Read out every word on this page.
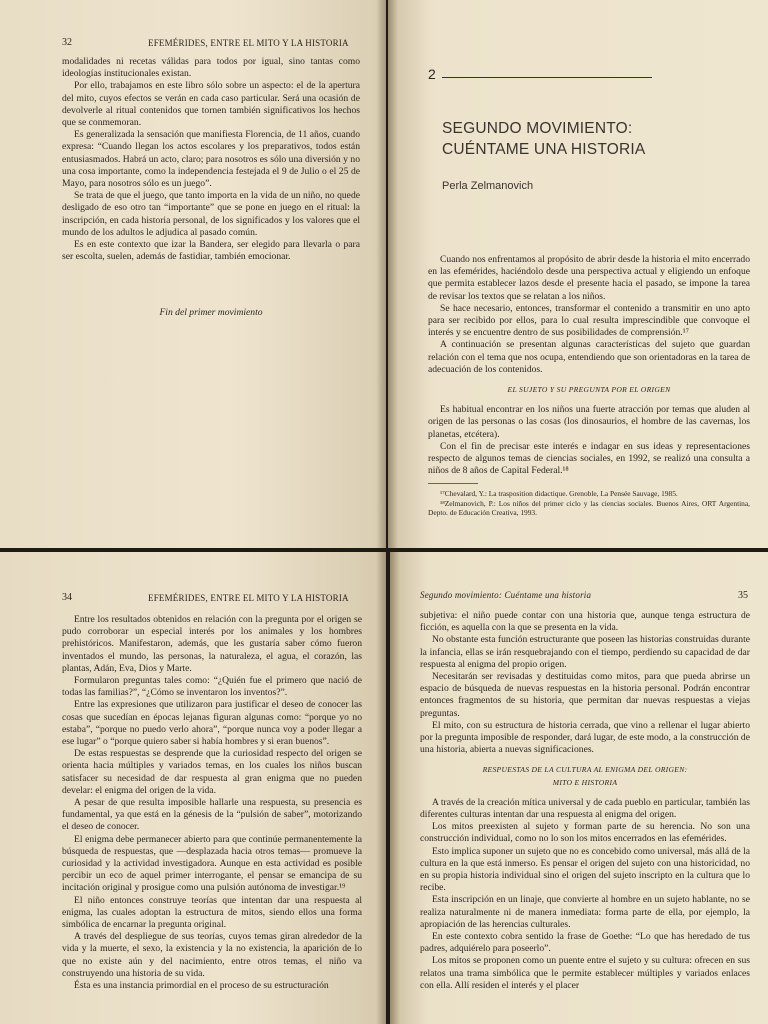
32	EFEMÉRIDES, ENTRE EL MITO Y LA HISTORIA

modalidades ni recetas válidas para todos por igual, sino tantas como ideologías institucionales existan.

Por ello, trabajamos en este libro sólo sobre un aspecto: el de la apertura del mito, cuyos efectos se verán en cada caso particular. Será una ocasión de devolverle al ritual contenidos que tornen también significativos los hechos que se conmemoran.

Es generalizada la sensación que manifiesta Florencia, de 11 años, cuando expresa: “Cuando llegan los actos escolares y los preparativos, todos están entusiasmados. Habrá un acto, claro; para nosotros es sólo una diversión y no una cosa importante, como la independencia festejada el 9 de Julio o el 25 de Mayo, para nosotros sólo es un juego”.

Se trata de que el juego, que tanto importa en la vida de un niño, no quede desligado de eso otro tan “importante” que se pone en juego en el ritual: la inscripción, en cada historia personal, de los significados y los valores que el mundo de los adultos le adjudica al pasado común.

Es en este contexto que izar la Bandera, ser elegido para llevarla o para ser escolta, suelen, además de fastidiar, también emocionar.

Fin del primer movimiento
2
SEGUNDO MOVIMIENTO:
CUÉNTAME UNA HISTORIA
Perla Zelmanovich

Cuando nos enfrentamos al propósito de abrir desde la historia el mito encerrado en las efemérides, haciéndolo desde una perspectiva actual y eligiendo un enfoque que permita establecer lazos desde el presente hacia el pasado, se impone la tarea de revisar los textos que se relatan a los niños.

Se hace necesario, entonces, transformar el contenido a transmitir en uno apto para ser recibido por ellos, para lo cual resulta imprescindible que convoque el interés y se encuentre dentro de sus posibilidades de comprensión.¹⁷

A continuación se presentan algunas características del sujeto que guardan relación con el tema que nos ocupa, entendiendo que son orientadoras en la tarea de adecuación de los contenidos.

EL SUJETO Y SU PREGUNTA POR EL ORIGEN

Es habitual encontrar en los niños una fuerte atracción por temas que aluden al origen de las personas o las cosas (los dinosaurios, el hombre de las cavernas, los planetas, etcétera).

Con el fin de precisar este interés e indagar en sus ideas y representaciones respecto de algunos temas de ciencias sociales, en 1992, se realizó una consulta a niños de 8 años de Capital Federal.¹⁸

¹⁷Chevalard, Y.: La trasposition didactique. Grenoble, La Pensée Sauvage, 1985.

¹⁸Zelmanovich, P.: Los niños del primer ciclo y las ciencias sociales. Buenos Aires, ORT Argentina, Depto. de Educación Creativa, 1993.

34	EFEMÉRIDES, ENTRE EL MITO Y LA HISTORIA

Entre los resultados obtenidos en relación con la pregunta por el origen se pudo corroborar un especial interés por los animales y los hombres prehistóricos. Manifestaron, además, que les gustaría saber cómo fueron inventados el mundo, las personas, la naturaleza, el agua, el corazón, las plantas, Adán, Eva, Dios y Marte.

Formularon preguntas tales como: “¿Quién fue el primero que nació de todas las familias?”, “¿Cómo se inventaron los inventos?”.

Entre las expresiones que utilizaron para justificar el deseo de conocer las cosas que sucedían en épocas lejanas figuran algunas como: “porque yo no estaba”, “porque no puedo verlo ahora”, “porque nunca voy a poder llegar a ese lugar” o “porque quiero saber si había hombres y si eran buenos”.

De estas respuestas se desprende que la curiosidad respecto del origen se orienta hacia múltiples y variados temas, en los cuales los niños buscan satisfacer su necesidad de dar respuesta al gran enigma que no pueden develar: el enigma del origen de la vida.

A pesar de que resulta imposible hallarle una respuesta, su presencia es fundamental, ya que está en la génesis de la “pulsión de saber”, motorizando el deseo de conocer.

El enigma debe permanecer abierto para que continúe permanentemente la búsqueda de respuestas, que —desplazada hacia otros temas— promueve la curiosidad y la actividad investigadora. Aunque en esta actividad es posible percibir un eco de aquel primer interrogante, el pensar se emancipa de su incitación original y prosigue como una pulsión autónoma de investigar.¹⁹

El niño entonces construye teorías que intentan dar una respuesta al enigma, las cuales adoptan la estructura de mitos, siendo ellos una forma simbólica de encarnar la pregunta original.

A través del despliegue de sus teorías, cuyos temas giran alrededor de la vida y la muerte, el sexo, la existencia y la no existencia, la aparición de lo que no existe aún y del nacimiento, entre otros temas, el niño va construyendo una historia de su vida.

Ésta es una instancia primordial en el proceso de su estructuración

Segundo movimiento: Cuéntame una historia	35

subjetiva: el niño puede contar con una historia que, aunque tenga estructura de ficción, es aquella con la que se presenta en la vida.

No obstante esta función estructurante que poseen las historias construidas durante la infancia, ellas se irán resquebrajando con el tiempo, perdiendo su capacidad de dar respuesta al enigma del propio origen.

Necesitarán ser revisadas y destituidas como mitos, para que pueda abrirse un espacio de búsqueda de nuevas respuestas en la historia personal. Podrán encontrar entonces fragmentos de su historia, que permitan dar nuevas respuestas a viejas preguntas.

El mito, con su estructura de historia cerrada, que vino a rellenar el lugar abierto por la pregunta imposible de responder, dará lugar, de este modo, a la construcción de una historia, abierta a nuevas significaciones.

RESPUESTAS DE LA CULTURA AL ENIGMA DEL ORIGEN:
MITO E HISTORIA

A través de la creación mítica universal y de cada pueblo en particular, también las diferentes culturas intentan dar una respuesta al enigma del origen.

Los mitos preexisten al sujeto y forman parte de su herencia. No son una construcción individual, como no lo son los mitos encerrados en las efemérides.

Esto implica suponer un sujeto que no es concebido como universal, más allá de la cultura en la que está inmerso. Es pensar el origen del sujeto con una historicidad, no en su propia historia individual sino el origen del sujeto inscripto en la cultura que lo recibe.

Esta inscripción en un linaje, que convierte al hombre en un sujeto hablante, no se realiza naturalmente ni de manera inmediata: forma parte de ella, por ejemplo, la apropiación de las herencias culturales.

En este contexto cobra sentido la frase de Goethe: “Lo que has heredado de tus padres, adquiérelo para poseerlo”.

Los mitos se proponen como un puente entre el sujeto y su cultura: ofrecen en sus relatos una trama simbólica que le permite establecer múltiples y variados enlaces con ella. Allí residen el interés y el placer
